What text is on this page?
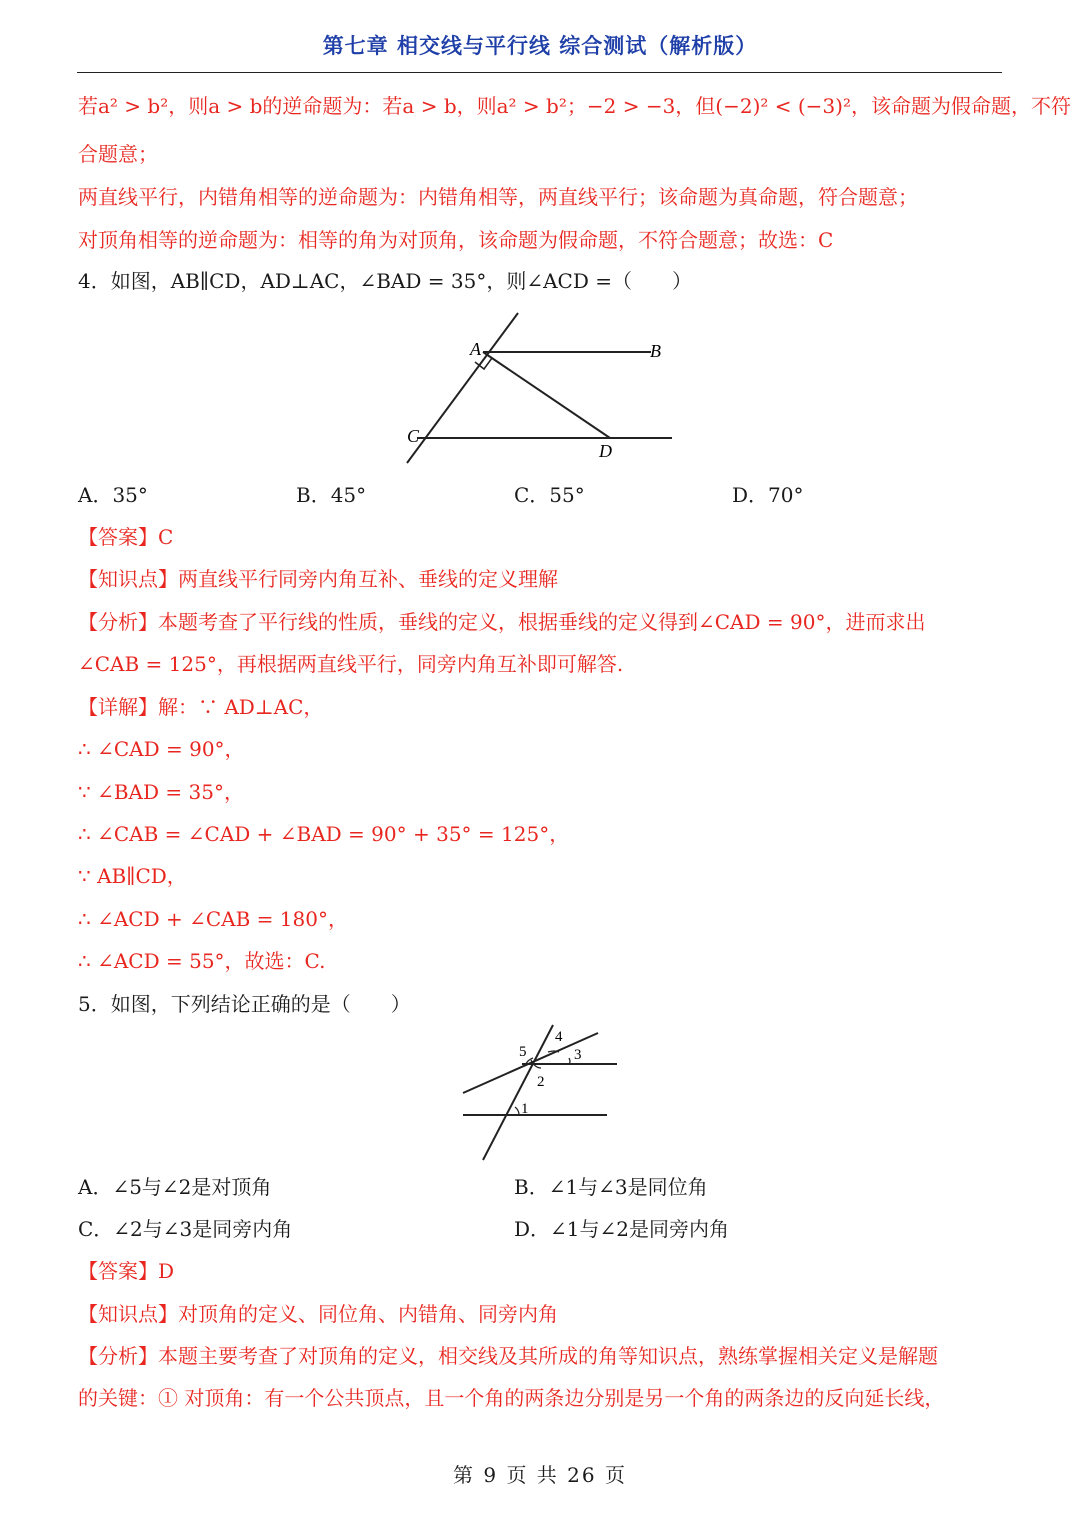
第七章 相交线与平行线 综合测试（解析版）
若a² > b²，则a > b的逆命题为：若a > b，则a² > b²；−2 > −3，但(−2)² < (−3)²，该命题为假命题，不符
合题意；
两直线平行，内错角相等的逆命题为：内错角相等，两直线平行；该命题为真命题，符合题意；
对顶角相等的逆命题为：相等的角为对顶角，该命题为假命题，不符合题意；故选：C
4．如图，AB∥CD，AD⊥AC，∠BAD = 35°，则∠ACD =（　　）
A	B
C
D
A．35°	B．45°	C．55°	D．70°
【答案】C
【知识点】两直线平行同旁内角互补、垂线的定义理解
【分析】本题考查了平行线的性质，垂线的定义，根据垂线的定义得到∠CAD = 90°，进而求出
∠CAB = 125°，再根据两直线平行，同旁内角互补即可解答.
【详解】解：∵ AD⊥AC，
∴ ∠CAD = 90°，
∵ ∠BAD = 35°，
∴ ∠CAB = ∠CAD + ∠BAD = 90° + 35° = 125°，
∵ AB∥CD，
∴ ∠ACD + ∠CAB = 180°，
∴ ∠ACD = 55°，故选：C.
5．如图，下列结论正确的是（　　）
1
2
3
4
5
A．∠5与∠2是对顶角	B．∠1与∠3是同位角
C．∠2与∠3是同旁内角	D．∠1与∠2是同旁内角
【答案】D
【知识点】对顶角的定义、同位角、内错角、同旁内角
【分析】本题主要考查了对顶角的定义，相交线及其所成的角等知识点，熟练掌握相关定义是解题
的关键：① 对顶角：有一个公共顶点，且一个角的两条边分别是另一个角的两条边的反向延长线，
第 9 页 共 26 页
